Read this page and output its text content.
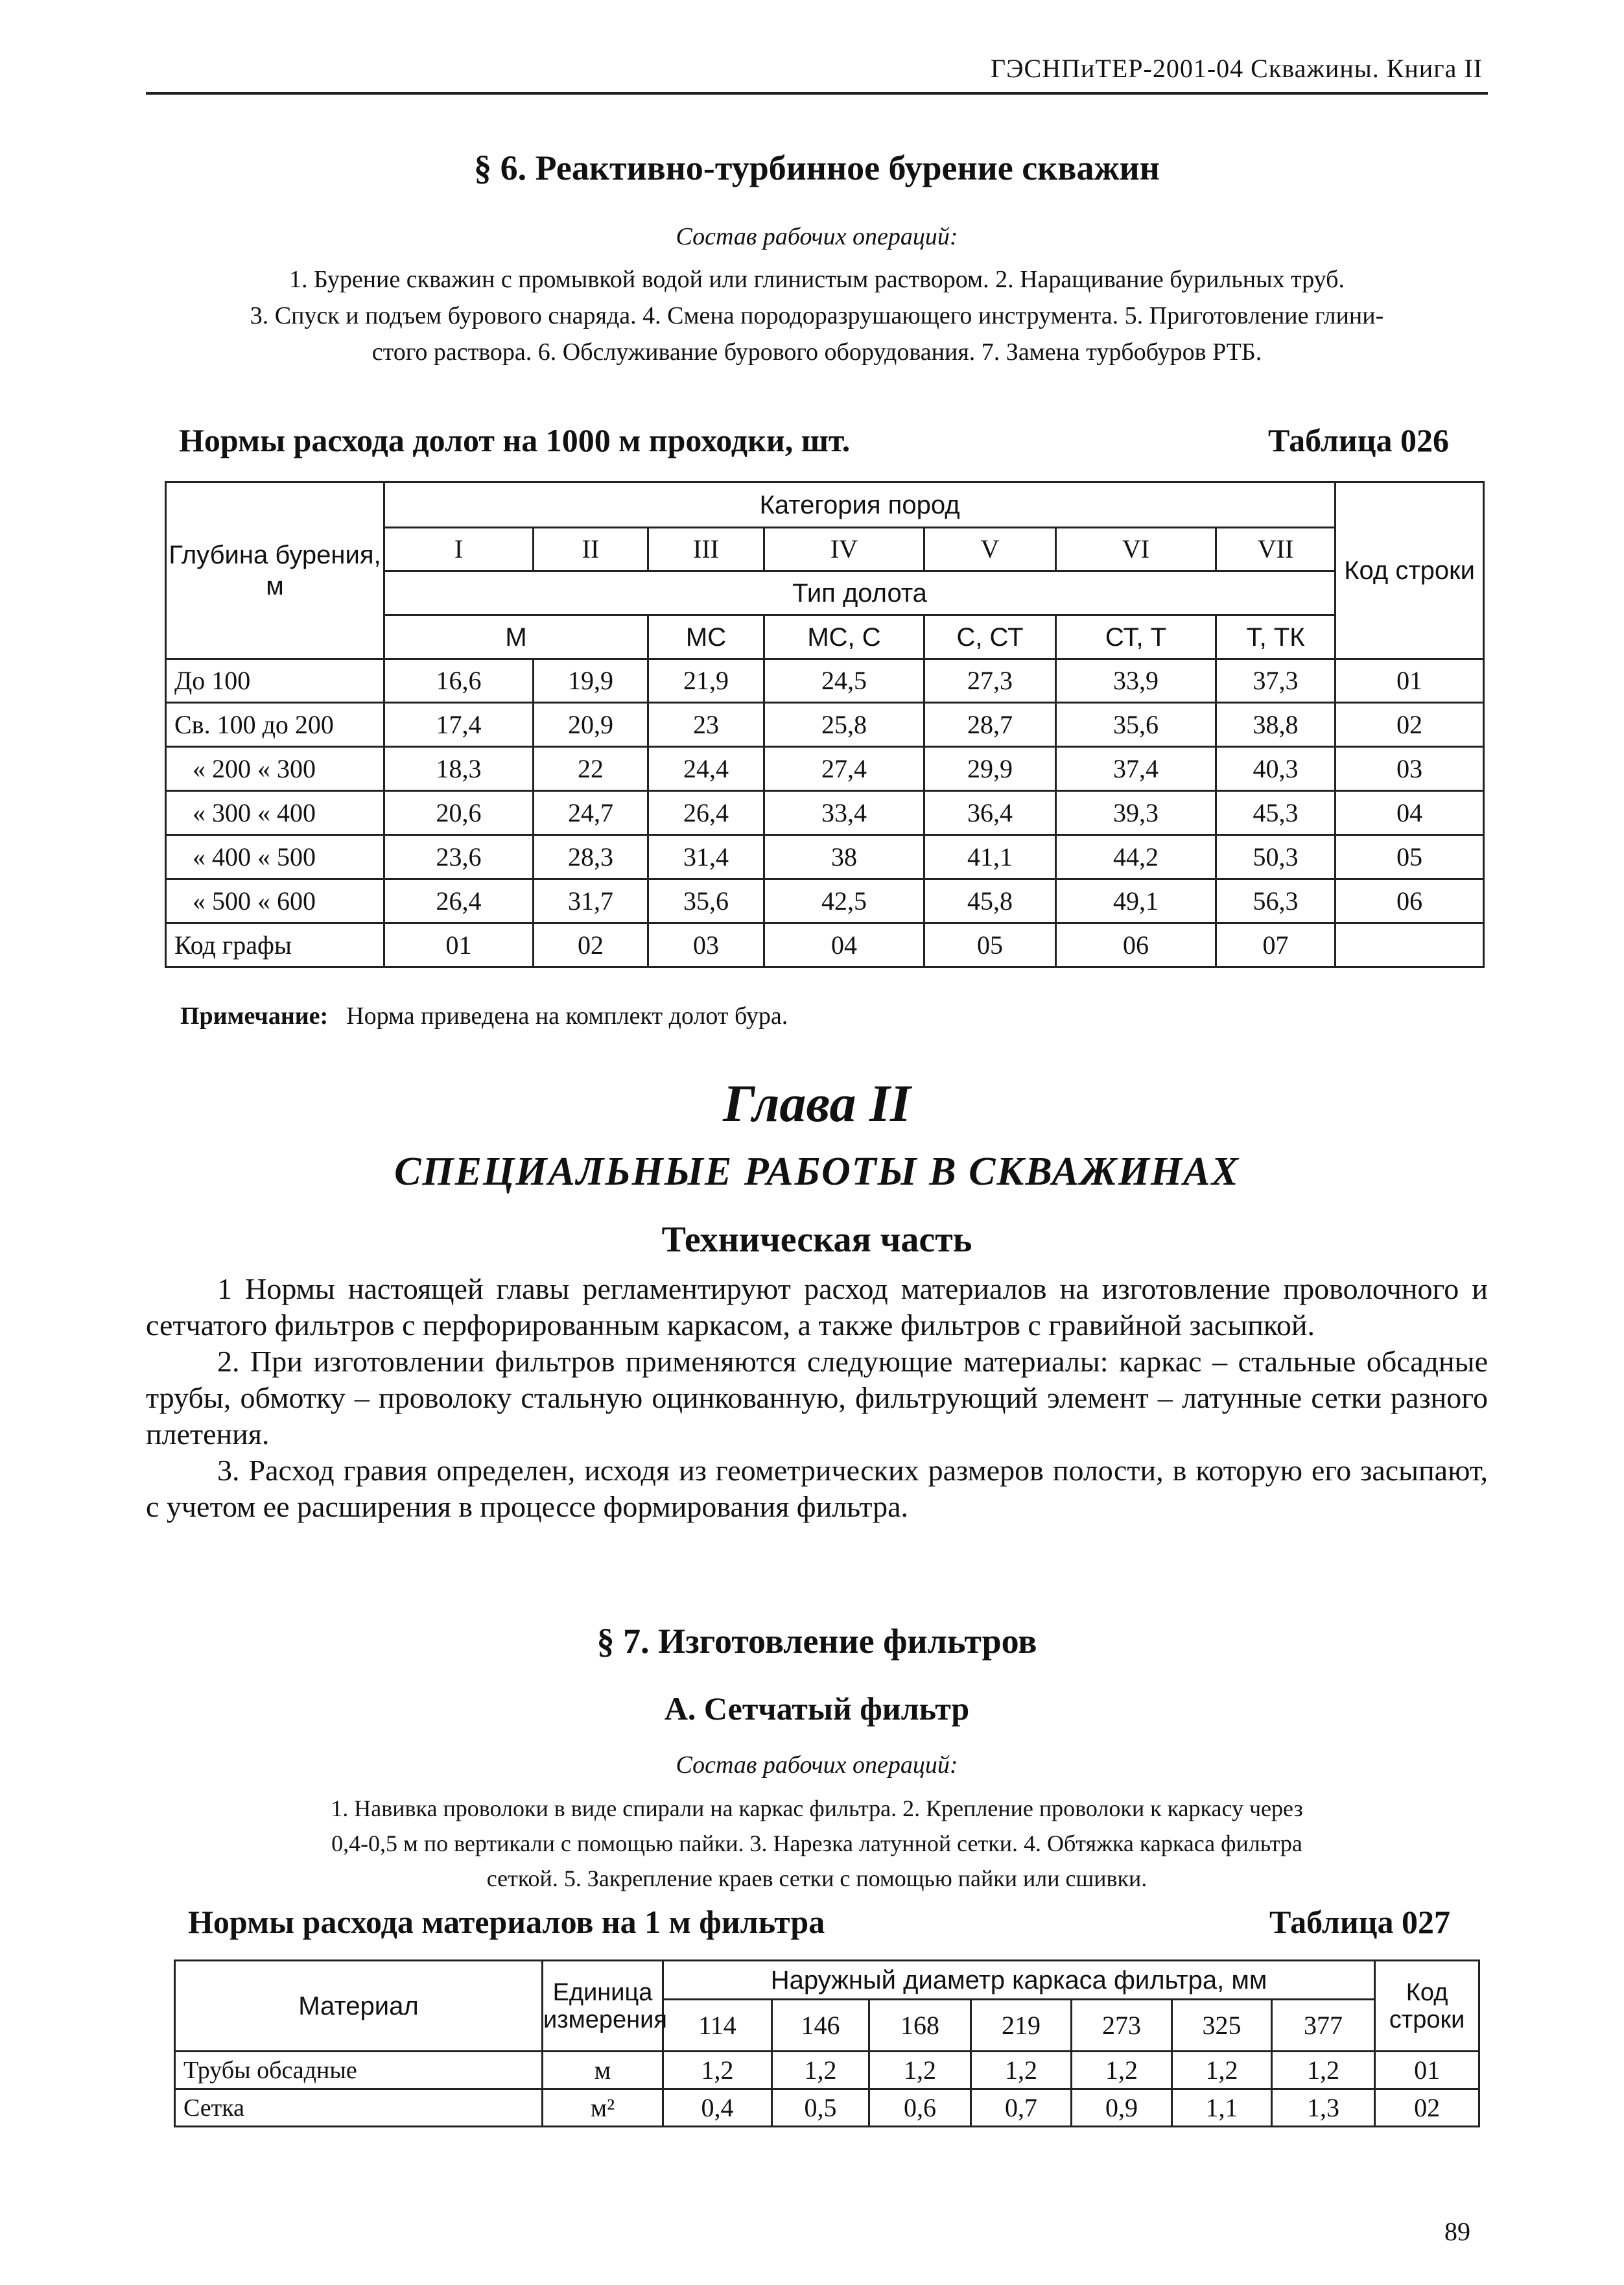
ГЭСНПиТЕР-2001-04 Скважины. Книга II
§ 6. Реактивно-турбинное бурение скважин
Состав рабочих операций:
1. Бурение скважин с промывкой водой или глинистым раствором. 2. Наращивание бурильных труб.
3. Спуск и подъем бурового снаряда. 4. Смена породоразрушающего инструмента. 5. Приготовление глини-
стого раствора. 6. Обслуживание бурового оборудования. 7. Замена турбобуров РТБ.
Нормы расхода долот на 1000 м проходки, шт.	Таблица 026
Глубина бурения, м	Категория пород							Код строки
	I	II	III	IV	V	VI	VII	
	Тип долота							
	М		МС	МС, С	С, СТ	СТ, Т	Т, ТК	
До 100	16,6	19,9	21,9	24,5	27,3	33,9	37,3	01
Св. 100 до 200	17,4	20,9	23	25,8	28,7	35,6	38,8	02
« 200 « 300	18,3	22	24,4	27,4	29,9	37,4	40,3	03
« 300 « 400	20,6	24,7	26,4	33,4	36,4	39,3	45,3	04
« 400 « 500	23,6	28,3	31,4	38	41,1	44,2	50,3	05
« 500 « 600	26,4	31,7	35,6	42,5	45,8	49,1	56,3	06
Код графы	01	02	03	04	05	06	07	
Примечание: Норма приведена на комплект долот бура.
Глава II
СПЕЦИАЛЬНЫЕ РАБОТЫ В СКВАЖИНАХ
Техническая часть

1 Нормы настоящей главы регламентируют расход материалов на изготовление проволочного и сетчатого фильтров с перфорированным каркасом, а также фильтров с гравийной засыпкой.

2. При изготовлении фильтров применяются следующие материалы: каркас – стальные обсадные трубы, обмотку – проволоку стальную оцинкованную, фильтрующий элемент – латунные сетки разного плетения.

3. Расход гравия определен, исходя из геометрических размеров полости, в которую его засыпают, с учетом ее расширения в процессе формирования фильтра.

§ 7. Изготовление фильтров
А. Сетчатый фильтр
Состав рабочих операций:
1. Навивка проволоки в виде спирали на каркас фильтра. 2. Крепление проволоки к каркасу через
0,4-0,5 м по вертикали с помощью пайки. 3. Нарезка латунной сетки. 4. Обтяжка каркаса фильтра
сеткой. 5. Закрепление краев сетки с помощью пайки или сшивки.
Нормы расхода материалов на 1 м фильтра	Таблица 027
Материал	Единица измерения	Наружный диаметр каркаса фильтра, мм							Код строки
		114	146	168	219	273	325	377	
Трубы обсадные	м	1,2	1,2	1,2	1,2	1,2	1,2	1,2	01
Сетка	м²	0,4	0,5	0,6	0,7	0,9	1,1	1,3	02
89
